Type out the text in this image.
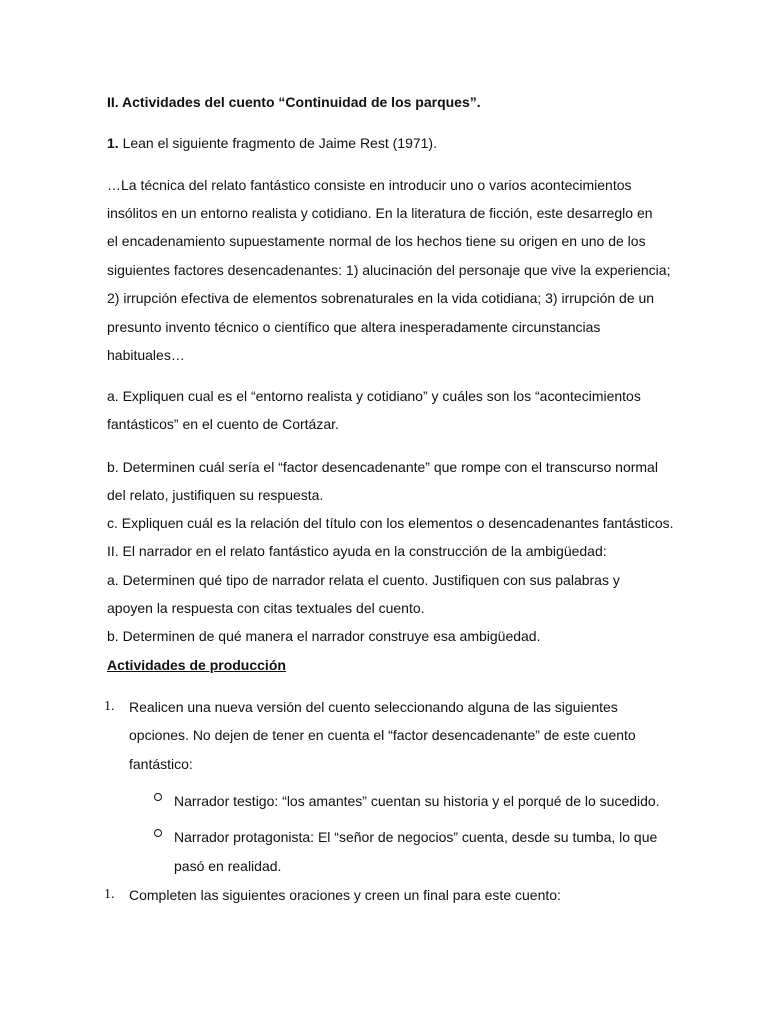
II. Actividades del cuento “Continuidad de los parques”.
1. Lean el siguiente fragmento de Jaime Rest (1971).
…La técnica del relato fantástico consiste en introducir uno o varios acontecimientos
insólitos en un entorno realista y cotidiano. En la literatura de ficción, este desarreglo en
el encadenamiento supuestamente normal de los hechos tiene su origen en uno de los
siguientes factores desencadenantes: 1) alucinación del personaje que vive la experiencia;
2) irrupción efectiva de elementos sobrenaturales en la vida cotidiana; 3) irrupción de un
presunto invento técnico o científico que altera inesperadamente circunstancias
habituales…
a. Expliquen cual es el “entorno realista y cotidiano” y cuáles son los “acontecimientos
fantásticos” en el cuento de Cortázar.
b. Determinen cuál sería el “factor desencadenante” que rompe con el transcurso normal
del relato, justifiquen su respuesta.
c. Expliquen cuál es la relación del título con los elementos o desencadenantes fantásticos.
II. El narrador en el relato fantástico ayuda en la construcción de la ambigüedad:
a. Determinen qué tipo de narrador relata el cuento. Justifiquen con sus palabras y
apoyen la respuesta con citas textuales del cuento.
b. Determinen de qué manera el narrador construye esa ambigüedad.
Actividades de producción
1. Realicen una nueva versión del cuento seleccionando alguna de las siguientes
opciones. No dejen de tener en cuenta el “factor desencadenante” de este cuento
fantástico:
Narrador testigo: “los amantes” cuentan su historia y el porqué de lo sucedido.
Narrador protagonista: El “señor de negocios” cuenta, desde su tumba, lo que
pasó en realidad.
1. Completen las siguientes oraciones y creen un final para este cuento:
